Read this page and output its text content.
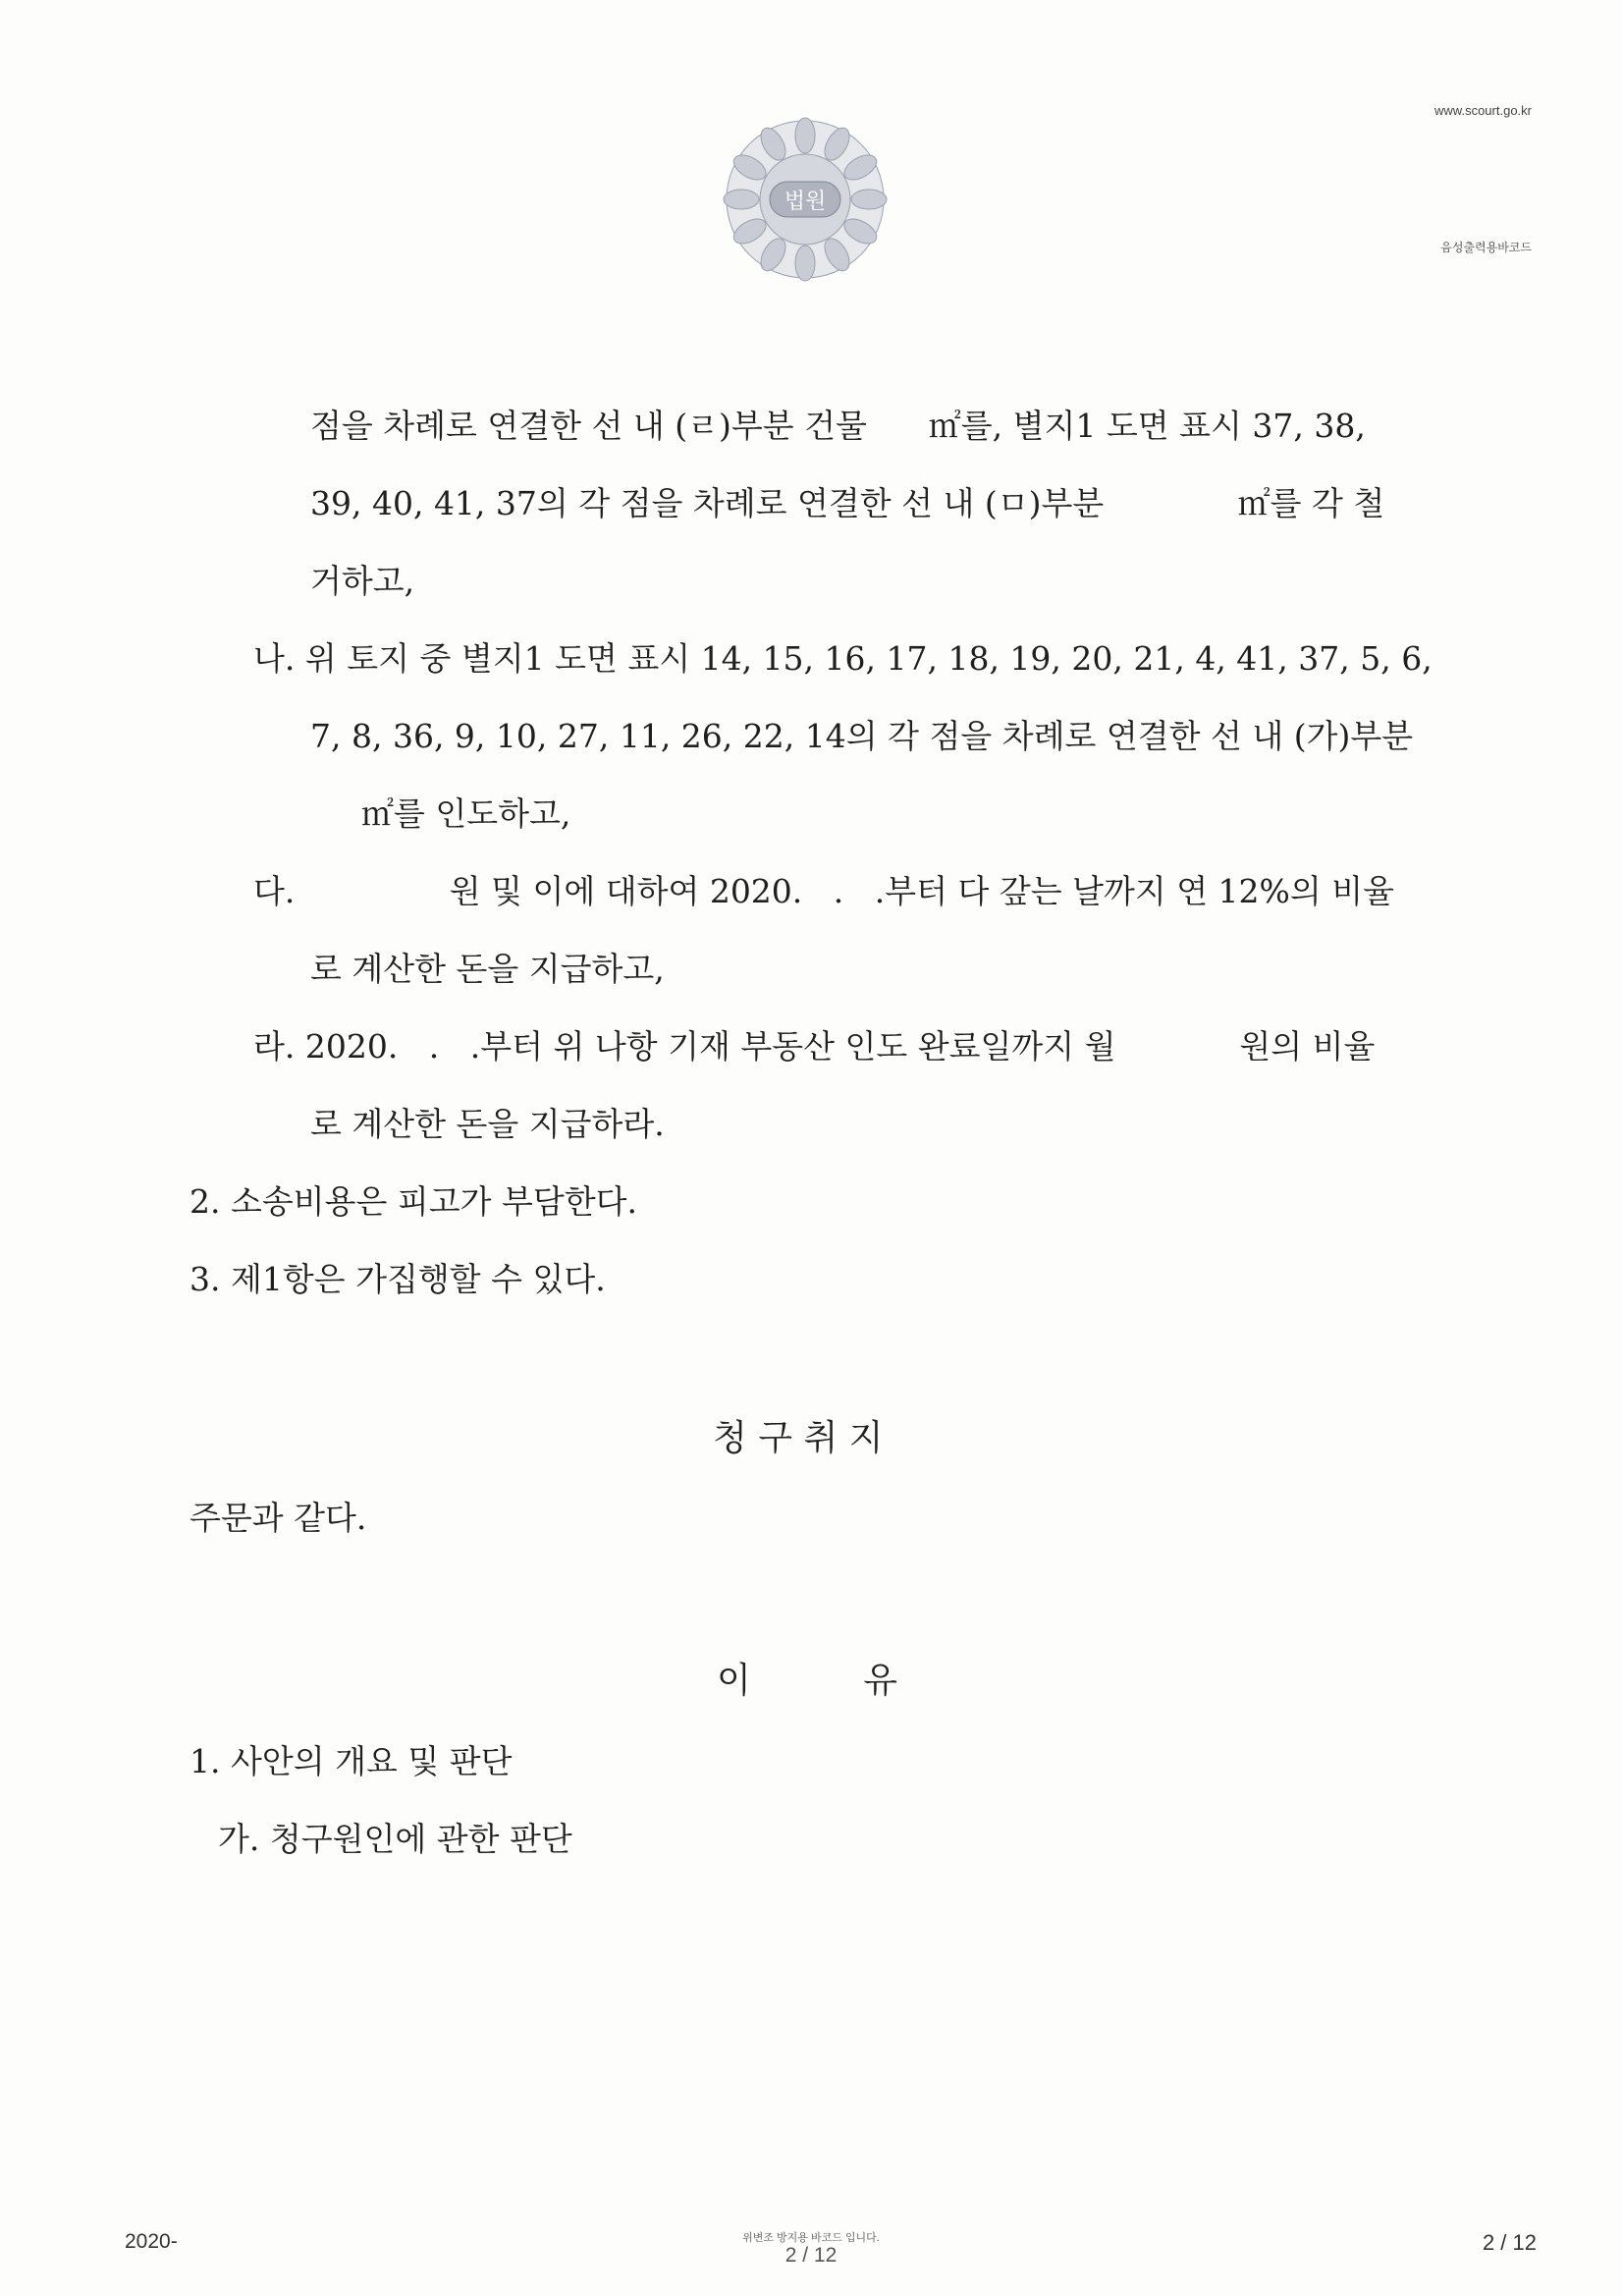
법원
www.scourt.go.kr
음성출력용바코드
점을 차례로 연결한 선 내 (ㄹ)부분 건물      ㎡를, 별지1 도면 표시 37, 38,
39, 40, 41, 37의 각 점을 차례로 연결한 선 내 (ㅁ)부분             ㎡를 각 철
거하고,
나. 위 토지 중 별지1 도면 표시 14, 15, 16, 17, 18, 19, 20, 21, 4, 41, 37, 5, 6,
7, 8, 36, 9, 10, 27, 11, 26, 22, 14의 각 점을 차례로 연결한 선 내 (가)부분
㎡를 인도하고,
다.               원 및 이에 대하여 2020.   .   .부터 다 갚는 날까지 연 12%의 비율
로 계산한 돈을 지급하고,
라. 2020.   .   .부터 위 나항 기재 부동산 인도 완료일까지 월            원의 비율
로 계산한 돈을 지급하라.
2. 소송비용은 피고가 부담한다.
3. 제1항은 가집행할 수 있다.
청 구 취 지
주문과 같다.
이          유
1. 사안의 개요 및 판단
가. 청구원인에 관한 판단
2020-	위변조 방지용 바코드 입니다.
2 / 12
2 / 12
